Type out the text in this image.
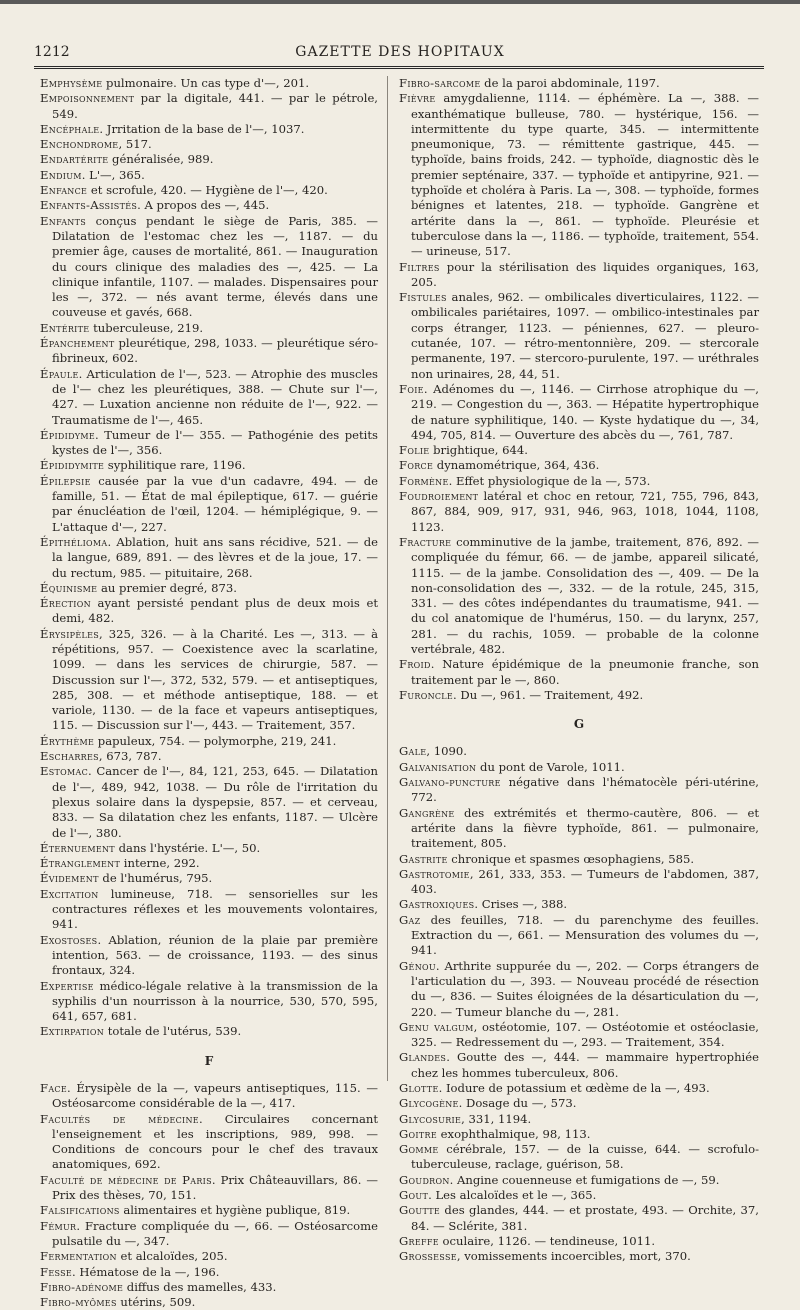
1212	GAZETTE DES HOPITAUX
Emphysème pulmonaire. Un cas type d'—, 201.
Empoisonnement par la digitale, 441. — par le pétrole, 549.
Encéphale. Jrritation de la base de l'—, 1037.
Enchondrome, 517.
Endartérite généralisée, 989.
Endium. L'—, 365.
Enfance et scrofule, 420. — Hygiène de l'—, 420.
Enfants-Assistés. A propos des —, 445.
Enfants conçus pendant le siège de Paris, 385. — Dilatation de l'estomac chez les —, 1187. — du premier âge, causes de mortalité, 861. — Inauguration du cours clinique des maladies des —, 425. — La clinique infantile, 1107. — malades. Dispensaires pour les —, 372. — nés avant terme, élevés dans une couveuse et gavés, 668.
Entérite tuberculeuse, 219.
Épanchement pleurétique, 298, 1033. — pleurétique séro-fibrineux, 602.
Épaule. Articulation de l'—, 523. — Atrophie des muscles de l'— chez les pleurétiques, 388. — Chute sur l'—, 427. — Luxation ancienne non réduite de l'—, 922. — Traumatisme de l'—, 465.
Épididyme. Tumeur de l'— 355. — Pathogénie des petits kystes de l'—, 356.
Épididymite syphilitique rare, 1196.
Épilepsie causée par la vue d'un cadavre, 494. — de famille, 51. — État de mal épileptique, 617. — guérie par énucléation de l'œil, 1204. — hémiplégique, 9. — L'attaque d'—, 227.
Épithélioma. Ablation, huit ans sans récidive, 521. — de la langue, 689, 891. — des lèvres et de la joue, 17. — du rectum, 985. — pituitaire, 268.
Équinisme au premier degré, 873.
Érection ayant persisté pendant plus de deux mois et demi, 482.
Érysipèles, 325, 326. — à la Charité. Les —, 313. — à répétitions, 957. — Coexistence avec la scarlatine, 1099. — dans les services de chirurgie, 587. — Discussion sur l'—, 372, 532, 579. — et antiseptiques, 285, 308. — et méthode antiseptique, 188. — et variole, 1130. — de la face et vapeurs antiseptiques, 115. — Discussion sur l'—, 443. — Traitement, 357.
Érythème papuleux, 754. — polymorphe, 219, 241.
Escharres, 673, 787.
Estomac. Cancer de l'—, 84, 121, 253, 645. — Dilatation de l'—, 489, 942, 1038. — Du rôle de l'irritation du plexus solaire dans la dyspepsie, 857. — et cerveau, 833. — Sa dilatation chez les enfants, 1187. — Ulcère de l'—, 380.
Éternuement dans l'hystérie. L'—, 50.
Étranglement interne, 292.
Évidement de l'humérus, 795.
Excitation lumineuse, 718. — sensorielles sur les contractures réflexes et les mouvements volontaires, 941.
Exostoses. Ablation, réunion de la plaie par première intention, 563. — de croissance, 1193. — des sinus frontaux, 324.
Expertise médico-légale relative à la transmission de la syphilis d'un nourrisson à la nourrice, 530, 570, 595, 641, 657, 681.
Extirpation totale de l'utérus, 539.
F
Face. Érysipèle de la —, vapeurs antiseptiques, 115. — Ostéosarcome considérable de la —, 417.
Facultés de médecine. Circulaires concernant l'enseignement et les inscriptions, 989, 998. — Conditions de concours pour le chef des travaux anatomiques, 692.
Faculté de médecine de Paris. Prix Châteauvillars, 86. — Prix des thèses, 70, 151.
Falsifications alimentaires et hygiène publique, 819.
Fémur. Fracture compliquée du —, 66. — Ostéosarcome pulsatile du —, 347.
Fermentation et alcaloïdes, 205.
Fesse. Hématose de la —, 196.
Fibro-adénome diffus des mamelles, 433.
Fibro-myômes utérins, 509.
Fibro-sarcome de la paroi abdominale, 1197.
Fièvre amygdalienne, 1114. — éphémère. La —, 388. — exanthématique bulleuse, 780. — hystérique, 156. — intermittente du type quarte, 345. — intermittente pneumonique, 73. — rémittente gastrique, 445. — typhoïde, bains froids, 242. — typhoïde, diagnostic dès le premier septénaire, 337. — typhoïde et antipyrine, 921. — typhoïde et choléra à Paris. La —, 308. — typhoïde, formes bénignes et latentes, 218. — typhoïde. Gangrène et artérite dans la —, 861. — typhoïde. Pleurésie et tuberculose dans la —, 1186. — typhoïde, traitement, 554. — urineuse, 517.
Filtres pour la stérilisation des liquides organiques, 163, 205.
Fistules anales, 962. — ombilicales diverticulaires, 1122. — ombilicales pariétaires, 1097. — ombilico-intestinales par corps étranger, 1123. — péniennes, 627. — pleuro-cutanée, 107. — rétro-mentonnière, 209. — stercorale permanente, 197. — stercoro-purulente, 197. — uréthrales non urinaires, 28, 44, 51.
Foie. Adénomes du —, 1146. — Cirrhose atrophique du —, 219. — Congestion du —, 363. — Hépatite hypertrophique de nature syphilitique, 140. — Kyste hydatique du —, 34, 494, 705, 814. — Ouverture des abcès du —, 761, 787.
Folie brightique, 644.
Force dynamométrique, 364, 436.
Formène. Effet physiologique de la —, 573.
Foudroiement latéral et choc en retour, 721, 755, 796, 843, 867, 884, 909, 917, 931, 946, 963, 1018, 1044, 1108, 1123.
Fracture comminutive de la jambe, traitement, 876, 892. — compliquée du fémur, 66. — de jambe, appareil silicaté, 1115. — de la jambe. Consolidation des —, 409. — De la non-consolidation des —, 332. — de la rotule, 245, 315, 331. — des côtes indépendantes du traumatisme, 941. — du col anatomique de l'humérus, 150. — du larynx, 257, 281. — du rachis, 1059. — probable de la colonne vertébrale, 482.
Froid. Nature épidémique de la pneumonie franche, son traitement par le —, 860.
Furoncle. Du —, 961. — Traitement, 492.
G
Gale, 1090.
Galvanisation du pont de Varole, 1011.
Galvano-puncture négative dans l'hématocèle péri-utérine, 772.
Gangrène des extrémités et thermo-cautère, 806. — et artérite dans la fièvre typhoïde, 861. — pulmonaire, traitement, 805.
Gastrite chronique et spasmes œsophagiens, 585.
Gastrotomie, 261, 333, 353. — Tumeurs de l'abdomen, 387, 403.
Gastroxiques. Crises —, 388.
Gaz des feuilles, 718. — du parenchyme des feuilles. Extraction du —, 661. — Mensuration des volumes du —, 941.
Génou. Arthrite suppurée du —, 202. — Corps étrangers de l'articulation du —, 393. — Nouveau procédé de résection du —, 836. — Suites éloignées de la désarticulation du —, 220. — Tumeur blanche du —, 281.
Genu valgum, ostéotomie, 107. — Ostéotomie et ostéoclasie, 325. — Redressement du —, 293. — Traitement, 354.
Glandes. Goutte des —, 444. — mammaire hypertrophiée chez les hommes tuberculeux, 806.
Glotte. Iodure de potassium et œdème de la —, 493.
Glycogène. Dosage du —, 573.
Glycosurie, 331, 1194.
Goitre exophthalmique, 98, 113.
Gomme cérébrale, 157. — de la cuisse, 644. — scrofulo-tuberculeuse, raclage, guérison, 58.
Goudron. Angine couenneuse et fumigations de —, 59.
Gout. Les alcaloïdes et le —, 365.
Goutte des glandes, 444. — et prostate, 493. — Orchite, 37, 84. — Sclérite, 381.
Greffe oculaire, 1126. — tendineuse, 1011.
Grossesse, vomissements incoercibles, mort, 370.
